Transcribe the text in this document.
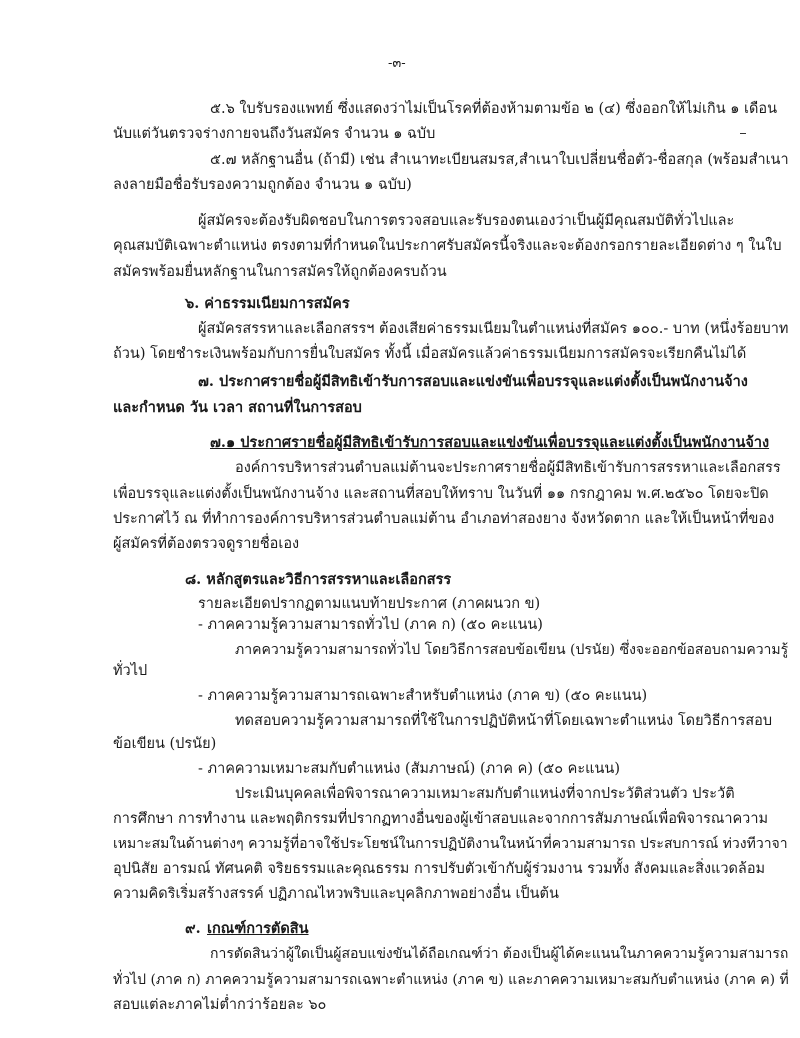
-๓-
๕.๖ ใบรับรองแพทย์ ซึ่งแสดงว่าไม่เป็นโรคที่ต้องห้ามตามข้อ ๒ (๔) ซึ่งออกให้ไม่เกิน ๑ เดือน
นับแต่วันตรวจร่างกายจนถึงวันสมัคร จำนวน ๑ ฉบับ
๕.๗ หลักฐานอื่น (ถ้ามี) เช่น สำเนาทะเบียนสมรส,สำเนาใบเปลี่ยนชื่อตัว-ชื่อสกุล (พร้อมสำเนา
ลงลายมือชื่อรับรองความถูกต้อง จำนวน ๑ ฉบับ)
ผู้สมัครจะต้องรับผิดชอบในการตรวจสอบและรับรองตนเองว่าเป็นผู้มีคุณสมบัติทั่วไปและ
คุณสมบัติเฉพาะตำแหน่ง ตรงตามที่กำหนดในประกาศรับสมัครนี้จริงและจะต้องกรอกรายละเอียดต่าง ๆ ในใบ
สมัครพร้อมยื่นหลักฐานในการสมัครให้ถูกต้องครบถ้วน
๖. ค่าธรรมเนียมการสมัคร
ผู้สมัครสรรหาและเลือกสรรฯ ต้องเสียค่าธรรมเนียมในตำแหน่งที่สมัคร ๑๐๐.- บาท (หนึ่งร้อยบาท
ถ้วน) โดยชำระเงินพร้อมกับการยื่นใบสมัคร ทั้งนี้ เมื่อสมัครแล้วค่าธรรมเนียมการสมัครจะเรียกคืนไม่ได้
๗. ประกาศรายชื่อผู้มีสิทธิเข้ารับการสอบและแข่งขันเพื่อบรรจุและแต่งตั้งเป็นพนักงานจ้าง
และกำหนด วัน เวลา สถานที่ในการสอบ
๗.๑ ประกาศรายชื่อผู้มีสิทธิเข้ารับการสอบและแข่งขันเพื่อบรรจุและแต่งตั้งเป็นพนักงานจ้าง
องค์การบริหารส่วนตำบลแม่ต้านจะประกาศรายชื่อผู้มีสิทธิเข้ารับการสรรหาและเลือกสรร
เพื่อบรรจุและแต่งตั้งเป็นพนักงานจ้าง และสถานที่สอบให้ทราบ ในวันที่ ๑๑ กรกฎาคม พ.ศ.๒๕๖๐ โดยจะปิด
ประกาศไว้ ณ ที่ทำการองค์การบริหารส่วนตำบลแม่ต้าน อำเภอท่าสองยาง จังหวัดตาก และให้เป็นหน้าที่ของ
ผู้สมัครที่ต้องตรวจดูรายชื่อเอง
๘. หลักสูตรและวิธีการสรรหาและเลือกสรร
รายละเอียดปรากฏตามแนบท้ายประกาศ (ภาคผนวก ข)
- ภาคความรู้ความสามารถทั่วไป (ภาค ก) (๕๐ คะแนน)
ภาคความรู้ความสามารถทั่วไป โดยวิธีการสอบข้อเขียน (ปรนัย) ซึ่งจะออกข้อสอบถามความรู้
ทั่วไป
- ภาคความรู้ความสามารถเฉพาะสำหรับตำแหน่ง (ภาค ข) (๕๐ คะแนน)
ทดสอบความรู้ความสามารถที่ใช้ในการปฏิบัติหน้าที่โดยเฉพาะตำแหน่ง โดยวิธีการสอบ
ข้อเขียน (ปรนัย)
- ภาคความเหมาะสมกับตำแหน่ง (สัมภาษณ์) (ภาค ค) (๕๐ คะแนน)
ประเมินบุคคลเพื่อพิจารณาความเหมาะสมกับตำแหน่งที่จากประวัติส่วนตัว ประวัติ
การศึกษา การทำงาน และพฤติกรรมที่ปรากฏทางอื่นของผู้เข้าสอบและจากการสัมภาษณ์เพื่อพิจารณาความ
เหมาะสมในด้านต่างๆ ความรู้ที่อาจใช้ประโยชน์ในการปฏิบัติงานในหน้าที่ความสามารถ ประสบการณ์ ท่วงทีวาจา
อุปนิสัย อารมณ์ ทัศนคติ จริยธรรมและคุณธรรม การปรับตัวเข้ากับผู้ร่วมงาน รวมทั้ง สังคมและสิ่งแวดล้อม
ความคิดริเริ่มสร้างสรรค์ ปฏิภาณไหวพริบและบุคลิกภาพอย่างอื่น เป็นต้น
๙. เกณฑ์การตัดสิน
การตัดสินว่าผู้ใดเป็นผู้สอบแข่งขันได้ถือเกณฑ์ว่า ต้องเป็นผู้ได้คะแนนในภาคความรู้ความสามารถ
ทั่วไป (ภาค ก) ภาคความรู้ความสามารถเฉพาะตำแหน่ง (ภาค ข) และภาคความเหมาะสมกับตำแหน่ง (ภาค ค) ที่
สอบแต่ละภาคไม่ต่ำกว่าร้อยละ ๖๐
